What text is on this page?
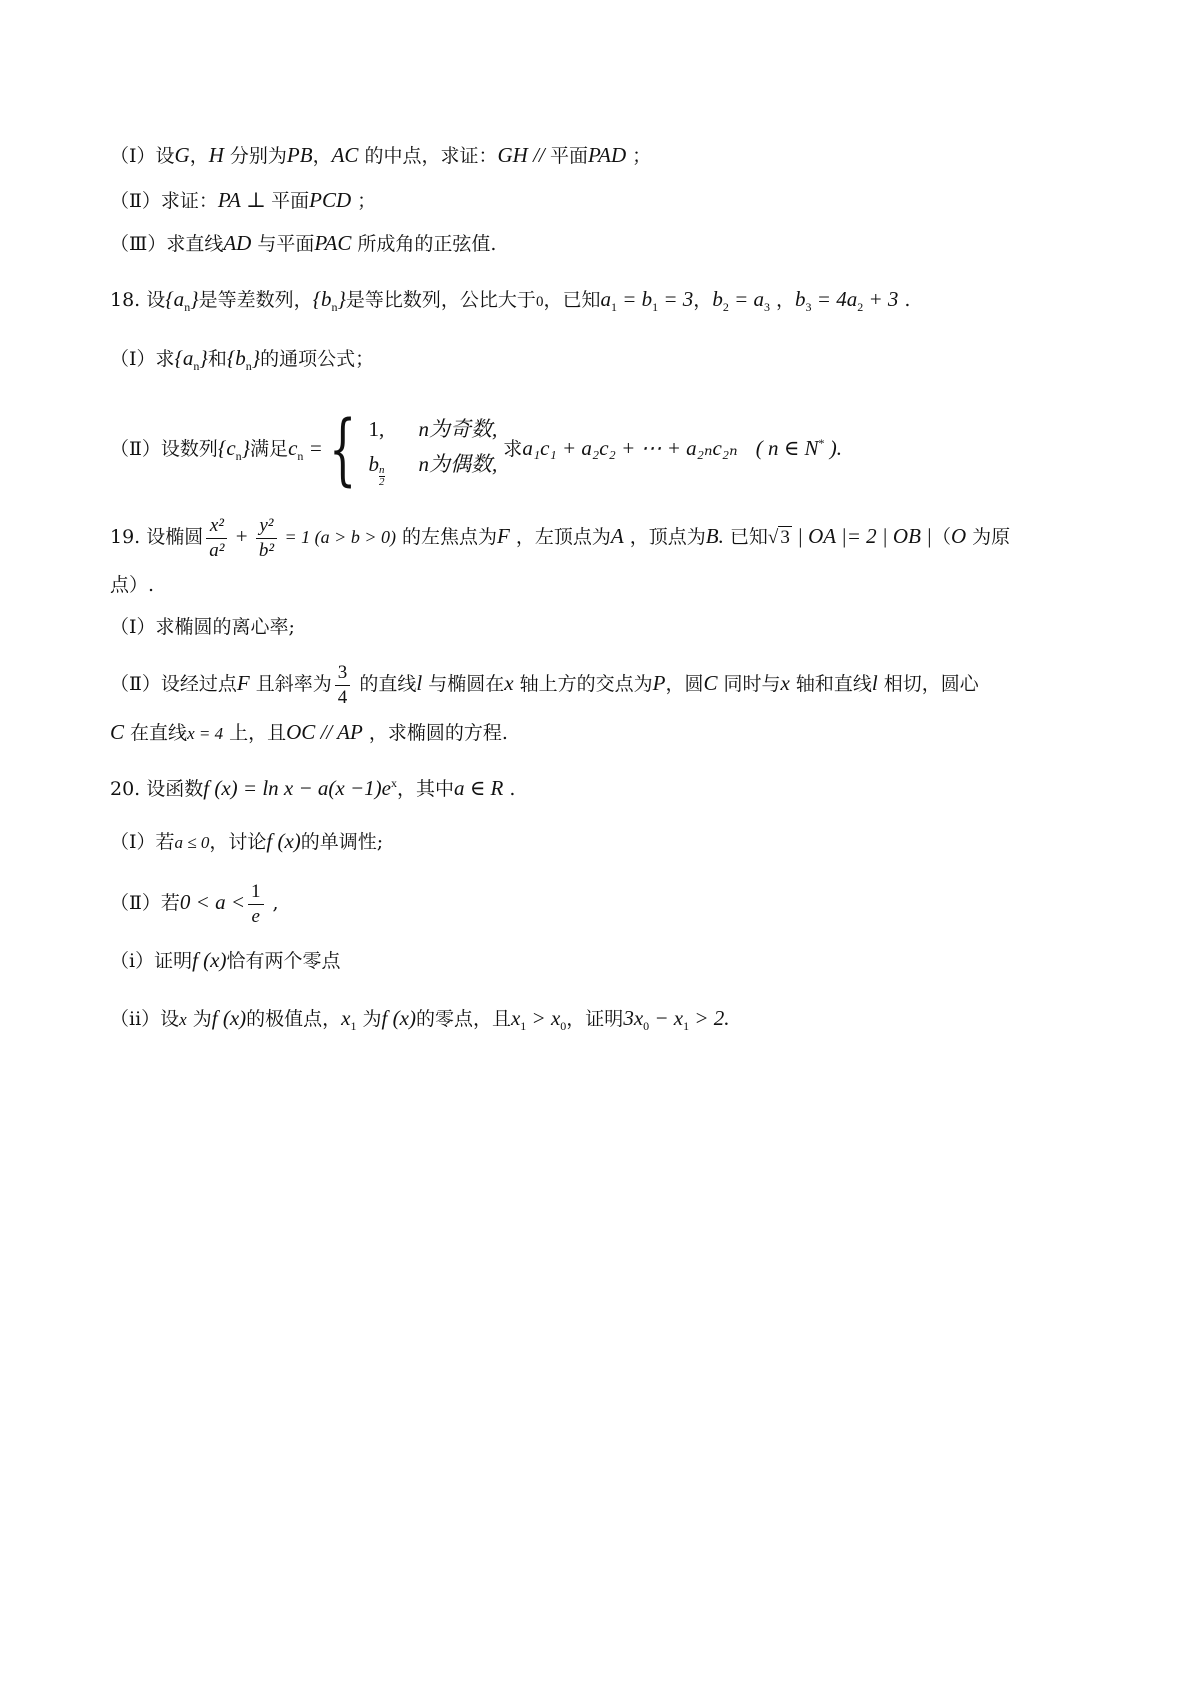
（Ⅰ）设G，H 分别为PB，AC 的中点，求证：GH // 平面PAD ；
（Ⅱ）求证：PA ⊥ 平面PCD ；
（Ⅲ）求直线AD 与平面PAC 所成角的正弦值.
18. 设$\{a_n\}$是等差数列，$\{b_n\}$是等比数列，公比大于0，已知$a_1 = b_1 = 3$，$b_2 = a_3$ ，$b_3 = 4a_2 + 3$ .
（Ⅰ）求$\{a_n\}$和$\{b_n\}$的通项公式；
（Ⅱ）设数列$\{c_n\}$满足$c_n$ = { 1, n为奇数,
b
$\frac{n}{2}$
n为偶数,
求a₁c₁ + a₂c₂ + ⋯ + a₂ₙc₂ₙ ( n ∈ N* ).
19. 设椭圆 $\frac{\text{x²}}{\text{a²}} + \frac{\text{y²}}{\text{b²}} = 1$ (a > b > 0) 的左焦点为F ，左顶点为A ，顶点为B. 已知√ 3 | OA |= 2 | OB |（O 为原
点）.
（Ⅰ）求椭圆的离心率;
（Ⅱ）设经过点F 且斜率为 $\frac{3}{4}$ 的直线l 与椭圆在x 轴上方的交点为P，圆C 同时与x 轴和直线l 相切，圆心
C 在直线x = 4 上，且OC // AP ，求椭圆的方程.
20. 设函数f $(x) = \ln x - a(x -1)e^x$，其中a ∈ R .
（Ⅰ）若a ≤ 0，讨论f (x)的单调性;
（Ⅱ）若$0 < a < \frac{1}{e}$ ,
（i）证明f (x)恰有两个零点
（ii）设x 为f (x)的极值点，$x_1$ 为f (x)的零点，且$x_1 > x_0$，证明$3x_0 - x_1 > 2$.
